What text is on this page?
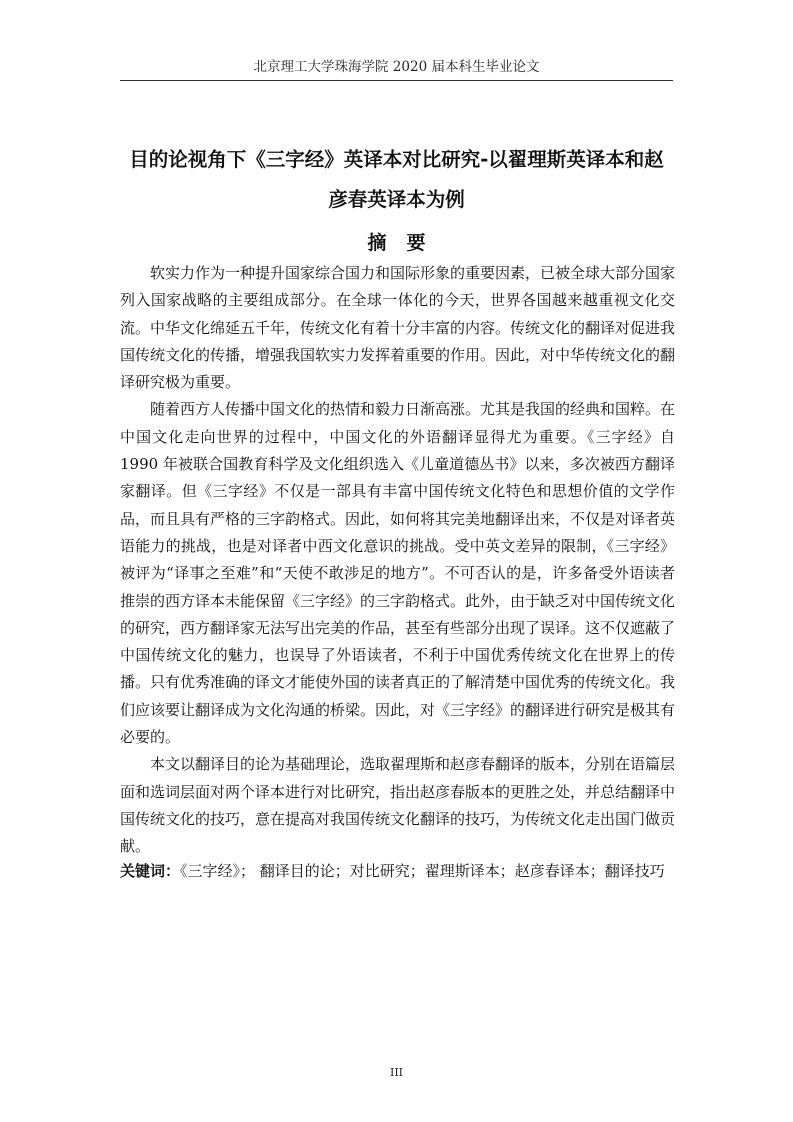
北京理工大学珠海学院 2020 届本科生毕业论文
目的论视角下《三字经》英译本对比研究-以翟理斯英译本和赵
彦春英译本为例
摘要

软实力作为一种提升国家综合国力和国际形象的重要因素，已被全球大部分国家列入国家战略的主要组成部分。在全球一体化的今天，世界各国越来越重视文化交流。中华文化绵延五千年，传统文化有着十分丰富的内容。传统文化的翻译对促进我国传统文化的传播，增强我国软实力发挥着重要的作用。因此，对中华传统文化的翻译研究极为重要。

随着西方人传播中国文化的热情和毅力日渐高涨。尤其是我国的经典和国粹。在中国文化走向世界的过程中，中国文化的外语翻译显得尤为重要。《三字经》自 1990 年被联合国教育科学及文化组织选入《儿童道德丛书》以来，多次被西方翻译家翻译。但《三字经》不仅是一部具有丰富中国传统文化特色和思想价值的文学作品，而且具有严格的三字韵格式。因此，如何将其完美地翻译出来，不仅是对译者英语能力的挑战，也是对译者中西文化意识的挑战。受中英文差异的限制，《三字经》被评为“译事之至难”和“天使不敢涉足的地方”。不可否认的是，许多备受外语读者推崇的西方译本未能保留《三字经》的三字韵格式。此外，由于缺乏对中国传统文化的研究，西方翻译家无法写出完美的作品，甚至有些部分出现了误译。这不仅遮蔽了中国传统文化的魅力，也误导了外语读者，不利于中国优秀传统文化在世界上的传播。只有优秀准确的译文才能使外国的读者真正的了解清楚中国优秀的传统文化。我们应该要让翻译成为文化沟通的桥梁。因此，对《三字经》的翻译进行研究是极其有必要的。

本文以翻译目的论为基础理论，选取翟理斯和赵彦春翻译的版本，分别在语篇层面和选词层面对两个译本进行对比研究，指出赵彦春版本的更胜之处，并总结翻译中国传统文化的技巧，意在提高对我国传统文化翻译的技巧，为传统文化走出国门做贡献。

关键词：《三字经》； 翻译目的论；对比研究；翟理斯译本；赵彦春译本；翻译技巧
III
